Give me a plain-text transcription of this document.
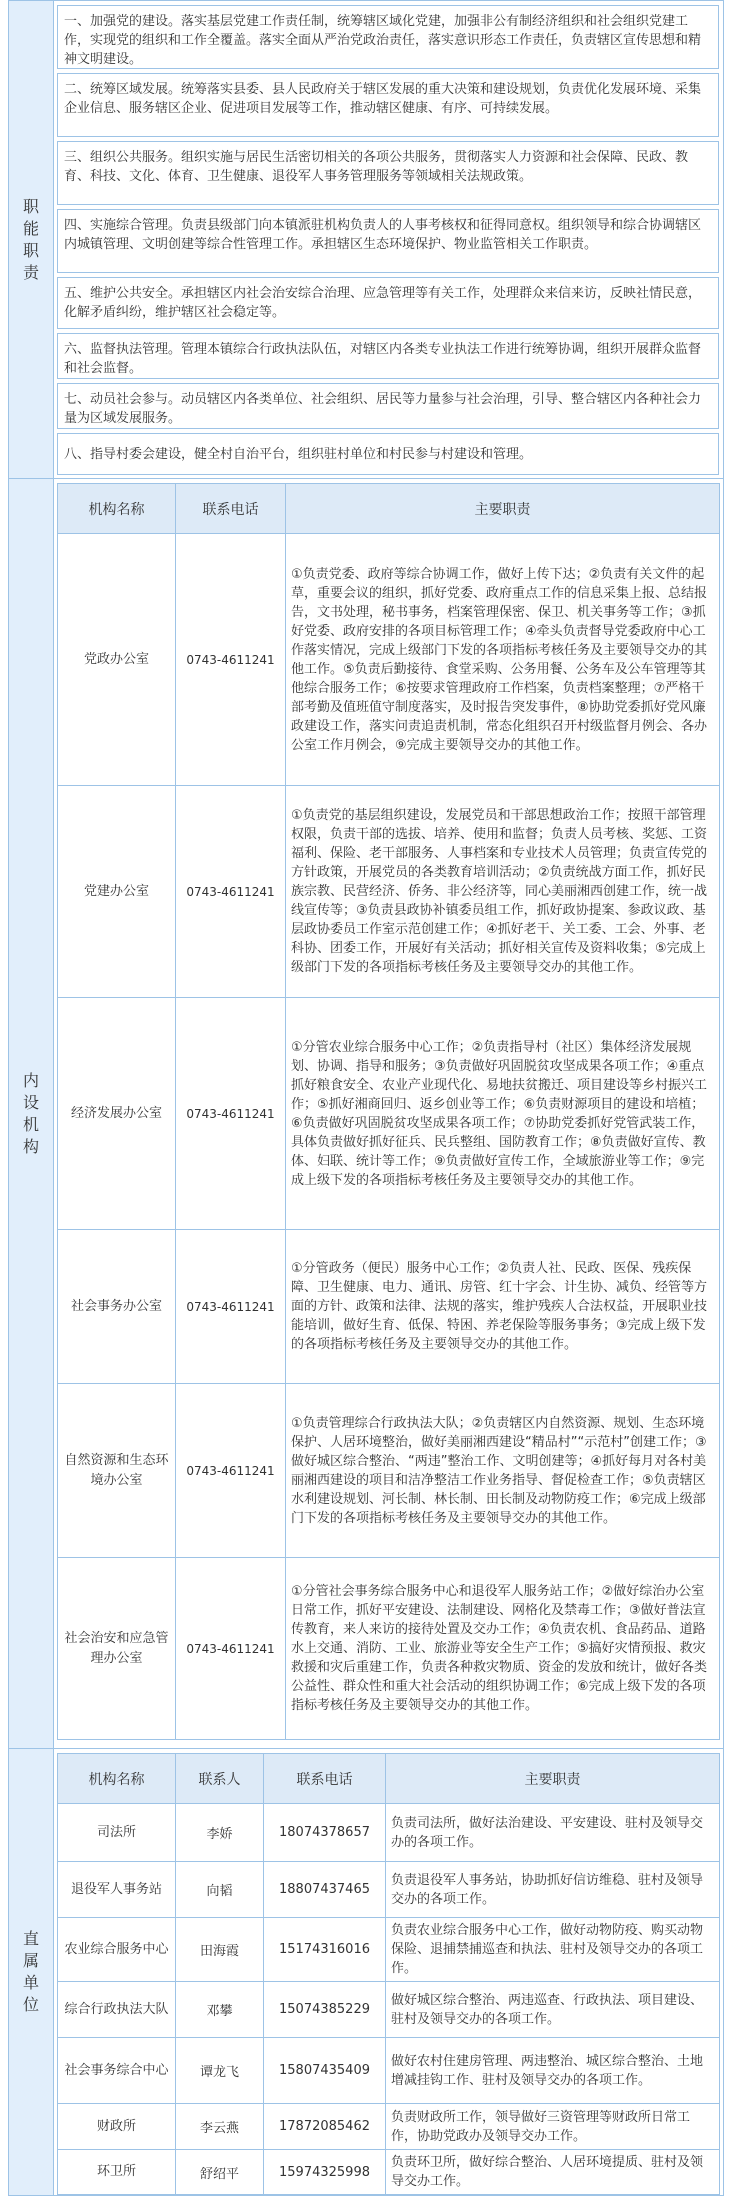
职能职责
一、加强党的建设。落实基层党建工作责任制，统筹辖区域化党建，加强非公有制经济组织和社会组织党建工作，实现党的组织和工作全覆盖。落实全面从严治党政治责任，落实意识形态工作责任，负责辖区宣传思想和精神文明建设。
二、统筹区域发展。统筹落实县委、县人民政府关于辖区发展的重大决策和建设规划，负责优化发展环境、采集企业信息、服务辖区企业、促进项目发展等工作，推动辖区健康、有序、可持续发展。
三、组织公共服务。组织实施与居民生活密切相关的各项公共服务，贯彻落实人力资源和社会保障、民政、教育、科技、文化、体育、卫生健康、退役军人事务管理服务等领域相关法规政策。
四、实施综合管理。负责县级部门向本镇派驻机构负责人的人事考核权和征得同意权。组织领导和综合协调辖区内城镇管理、文明创建等综合性管理工作。承担辖区生态环境保护、物业监管相关工作职责。
五、维护公共安全。承担辖区内社会治安综合治理、应急管理等有关工作，处理群众来信来访，反映社情民意，化解矛盾纠纷，维护辖区社会稳定等。
六、监督执法管理。管理本镇综合行政执法队伍，对辖区内各类专业执法工作进行统筹协调，组织开展群众监督和社会监督。
七、动员社会参与。动员辖区内各类单位、社会组织、居民等力量参与社会治理，引导、整合辖区内各种社会力量为区域发展服务。
八、指导村委会建设，健全村自治平台，组织驻村单位和村民参与村建设和管理。
内设机构
机构名称	联系电话	主要职责
党政办公室	0743-4611241	①负责党委、政府等综合协调工作，做好上传下达；②负责有关文件的起草，重要会议的组织，抓好党委、政府重点工作的信息采集上报、总结报告，文书处理，秘书事务，档案管理保密、保卫、机关事务等工作；③抓好党委、政府安排的各项目标管理工作；④牵头负责督导党委政府中心工作落实情况，完成上级部门下发的各项指标考核任务及主要领导交办的其他工作。⑤负责后勤接待、食堂采购、公务用餐、公务车及公车管理等其他综合服务工作；⑥按要求管理政府工作档案，负责档案整理；⑦严格干部考勤及值班值守制度落实，及时报告突发事件，⑧协助党委抓好党风廉政建设工作，落实问责追责机制，常态化组织召开村级监督月例会、各办公室工作月例会，⑨完成主要领导交办的其他工作。
党建办公室	0743-4611241	①负责党的基层组织建设，发展党员和干部思想政治工作；按照干部管理权限，负责干部的选拔、培养、使用和监督；负责人员考核、奖惩、工资福利、保险、老干部服务、人事档案和专业技术人员管理；负责宣传党的方针政策，开展党员的各类教育培训活动；②负责统战方面工作，抓好民族宗教、民营经济、侨务、非公经济等，同心美丽湘西创建工作，统一战线宣传等；③负责县政协补镇委员组工作，抓好政协提案、参政议政、基层政协委员工作室示范创建工作；④抓好老干、关工委、工会、外事、老科协、团委工作，开展好有关活动；抓好相关宣传及资料收集；⑤完成上级部门下发的各项指标考核任务及主要领导交办的其他工作。
经济发展办公室	0743-4611241	①分管农业综合服务中心工作；②负责指导村（社区）集体经济发展规划、协调、指导和服务；③负责做好巩固脱贫攻坚成果各项工作；④重点抓好粮食安全、农业产业现代化、易地扶贫搬迁、项目建设等乡村振兴工作；⑤抓好湘商回归、返乡创业等工作；⑥负责财源项目的建设和培植；⑥负责做好巩固脱贫攻坚成果各项工作；⑦协助党委抓好党管武装工作，具体负责做好抓好征兵、民兵整组、国防教育工作；⑧负责做好宣传、教体、妇联、统计等工作；⑨负责做好宣传工作，全域旅游业等工作；⑨完成上级下发的各项指标考核任务及主要领导交办的其他工作。
社会事务办公室	0743-4611241	①分管政务（便民）服务中心工作；②负责人社、民政、医保、残疾保障、卫生健康、电力、通讯、房管、红十字会、计生协、减负、经管等方面的方针、政策和法律、法规的落实，维护残疾人合法权益，开展职业技能培训，做好生育、低保、特困、养老保险等服务事务；③完成上级下发的各项指标考核任务及主要领导交办的其他工作。
自然资源和生态环境办公室	0743-4611241	①负责管理综合行政执法大队；②负责辖区内自然资源、规划、生态环境保护、人居环境整治，做好美丽湘西建设“精品村”“示范村”创建工作；③做好城区综合整治、“两违”整治工作、文明创建等；④抓好每月对各村美丽湘西建设的项目和洁净整洁工作业务指导、督促检查工作；⑤负责辖区水利建设规划、河长制、林长制、田长制及动物防疫工作；⑥完成上级部门下发的各项指标考核任务及主要领导交办的其他工作。
社会治安和应急管理办公室	0743-4611241	①分管社会事务综合服务中心和退役军人服务站工作；②做好综治办公室日常工作，抓好平安建设、法制建设、网格化及禁毒工作；③做好普法宣传教育，来人来访的接待处置及交办工作；④负责农机、食品药品、道路水上交通、消防、工业、旅游业等安全生产工作；⑤搞好灾情预报、救灾救援和灾后重建工作，负责各种救灾物质、资金的发放和统计，做好各类公益性、群众性和重大社会活动的组织协调工作；⑥完成上级下发的各项指标考核任务及主要领导交办的其他工作。
直属单位
机构名称	联系人	联系电话	主要职责
司法所	李娇	18074378657	负责司法所，做好法治建设、平安建设、驻村及领导交办的各项工作。
退役军人事务站	向韬	18807437465	负责退役军人事务站，协助抓好信访维稳、驻村及领导交办的各项工作。
农业综合服务中心	田海霞	15174316016	负责农业综合服务中心工作，做好动物防疫、购买动物保险、退捕禁捕巡查和执法、驻村及领导交办的各项工作。
综合行政执法大队	邓攀	15074385229	做好城区综合整治、两违巡查、行政执法、项目建设、驻村及领导交办的各项工作。
社会事务综合中心	谭龙飞	15807435409	做好农村住建房管理、两违整治、城区综合整治、土地增减挂钩工作、驻村及领导交办的各项工作。
财政所	李云燕	17872085462	负责财政所工作，领导做好三资管理等财政所日常工作，协助党政办及领导交办工作。
环卫所	舒绍平	15974325998	负责环卫所，做好综合整治、人居环境提质、驻村及领导交办工作。
